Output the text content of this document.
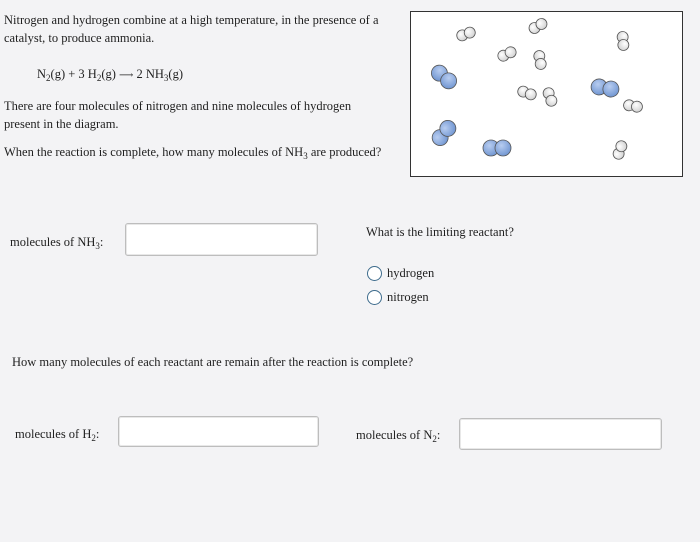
Nitrogen and hydrogen combine at a high temperature, in the presence of a
catalyst, to produce ammonia.
$N_2(g) + 3$ $H_2(g)$ ⟶ 2 $NH_3(g)$
There are four molecules of nitrogen and nine molecules of hydrogen
present in the diagram.
When the reaction is complete, how many molecules of $NH_3$ are produced?
molecules of $NH_3$:
What is the limiting reactant?
hydrogen
nitrogen
How many molecules of each reactant are remain after the reaction is complete?
molecules of $H_2$:	molecules of $N_2$:
